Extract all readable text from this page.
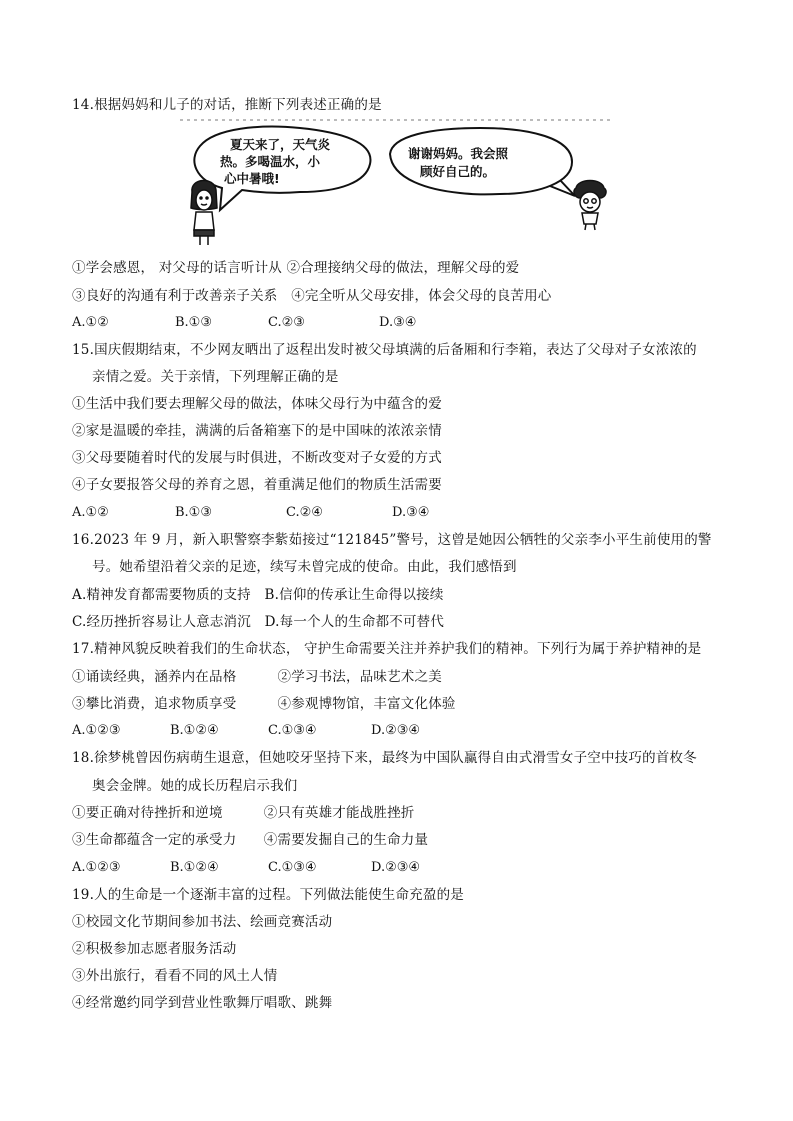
14.根据妈妈和儿子的对话，推断下列表述正确的是
夏天来了，天气炎
热。多喝温水，小
心中暑哦!
谢谢妈妈。我会照
顾好自己的。
①学会感恩， 对父母的话言听计从 ②合理接纳父母的做法，理解父母的爱
③良好的沟通有利于改善亲子关系　④完全听从父母安排，体会父母的良苦用心
A.①②	B.①③	C.②③	D.③④
15.国庆假期结束，不少网友晒出了返程出发时被父母填满的后备厢和行李箱，表达了父母对子女浓浓的
亲情之爱。关于亲情，下列理解正确的是
①生活中我们要去理解父母的做法，体味父母行为中蕴含的爱
②家是温暖的牵挂，满满的后备箱塞下的是中国味的浓浓亲情
③父母要随着时代的发展与时俱进，不断改变对子女爱的方式
④子女要报答父母的养育之恩，着重满足他们的物质生活需要
A.①②	B.①③	C.②④	D.③④
16.2023 年 9 月，新入职警察李紫茹接过“121845”警号，这曾是她因公牺牲的父亲李小平生前使用的警
号。她希望沿着父亲的足迹，续写未曾完成的使命。由此，我们感悟到
A.精神发育都需要物质的支持　B.信仰的传承让生命得以接续
C.经历挫折容易让人意志消沉　D.每一个人的生命都不可替代
17.精神风貌反映着我们的生命状态， 守护生命需要关注并养护我们的精神。下列行为属于养护精神的是
①诵读经典，涵养内在品格　　　②学习书法，品味艺术之美
③攀比消费，追求物质享受　　　④参观博物馆，丰富文化体验
A.①②③	B.①②④	C.①③④	D.②③④
18.徐梦桃曾因伤病萌生退意，但她咬牙坚持下来，最终为中国队赢得自由式滑雪女子空中技巧的首枚冬
奥会金牌。她的成长历程启示我们
①要正确对待挫折和逆境　　　②只有英雄才能战胜挫折
③生命都蕴含一定的承受力　　④需要发掘自己的生命力量
A.①②③	B.①②④	C.①③④	D.②③④
19.人的生命是一个逐渐丰富的过程。下列做法能使生命充盈的是
①校园文化节期间参加书法、绘画竞赛活动
②积极参加志愿者服务活动
③外出旅行，看看不同的风土人情
④经常邀约同学到营业性歌舞厅唱歌、跳舞
